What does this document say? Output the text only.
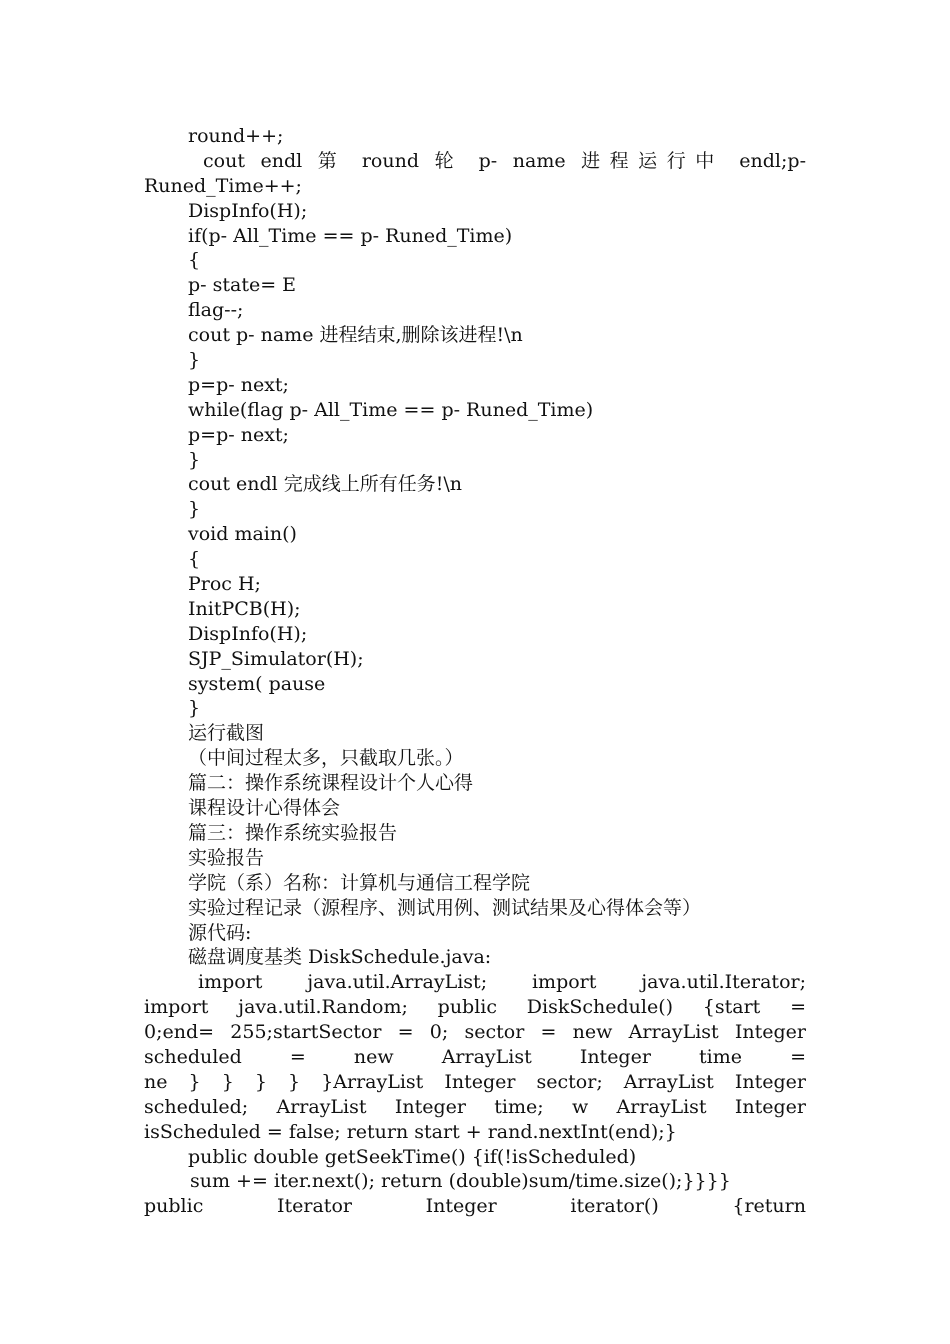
round++;
cout endl 第 round 轮 p- name 进程运行中 endl;p-
Runed_Time++;
DispInfo(H);
if(p- All_Time == p- Runed_Time)
{
p- state= E
flag--;
cout p- name 进程结束,删除该进程!\n
}
p=p- next;
while(flag p- All_Time == p- Runed_Time)
p=p- next;
}
cout endl 完成线上所有任务!\n
}
void main()
{
Proc H;
InitPCB(H);
DispInfo(H);
SJP_Simulator(H);
system( pause
}
运行截图
（中间过程太多，只截取几张。）
篇二：操作系统课程设计个人心得
课程设计心得体会
篇三：操作系统实验报告
实验报告
学院（系）名称：计算机与通信工程学院
实验过程记录（源程序、测试用例、测试结果及心得体会等）
源代码:
磁盘调度基类 DiskSchedule.java:
import java.util.ArrayList; import java.util.Iterator;
import java.util.Random; public DiskSchedule() {start =
0;end= 255;startSector = 0; sector = new ArrayList Integer
scheduled = new ArrayList Integer time =
ne } } } } }ArrayList Integer sector; ArrayList Integer
scheduled; ArrayList Integer time; w ArrayList Integer
isScheduled = false; return start + rand.nextInt(end);}
public double getSeekTime() {if(!isScheduled)
sum += iter.next(); return (double)sum/time.size();}}}}
public Iterator Integer iterator() {return
